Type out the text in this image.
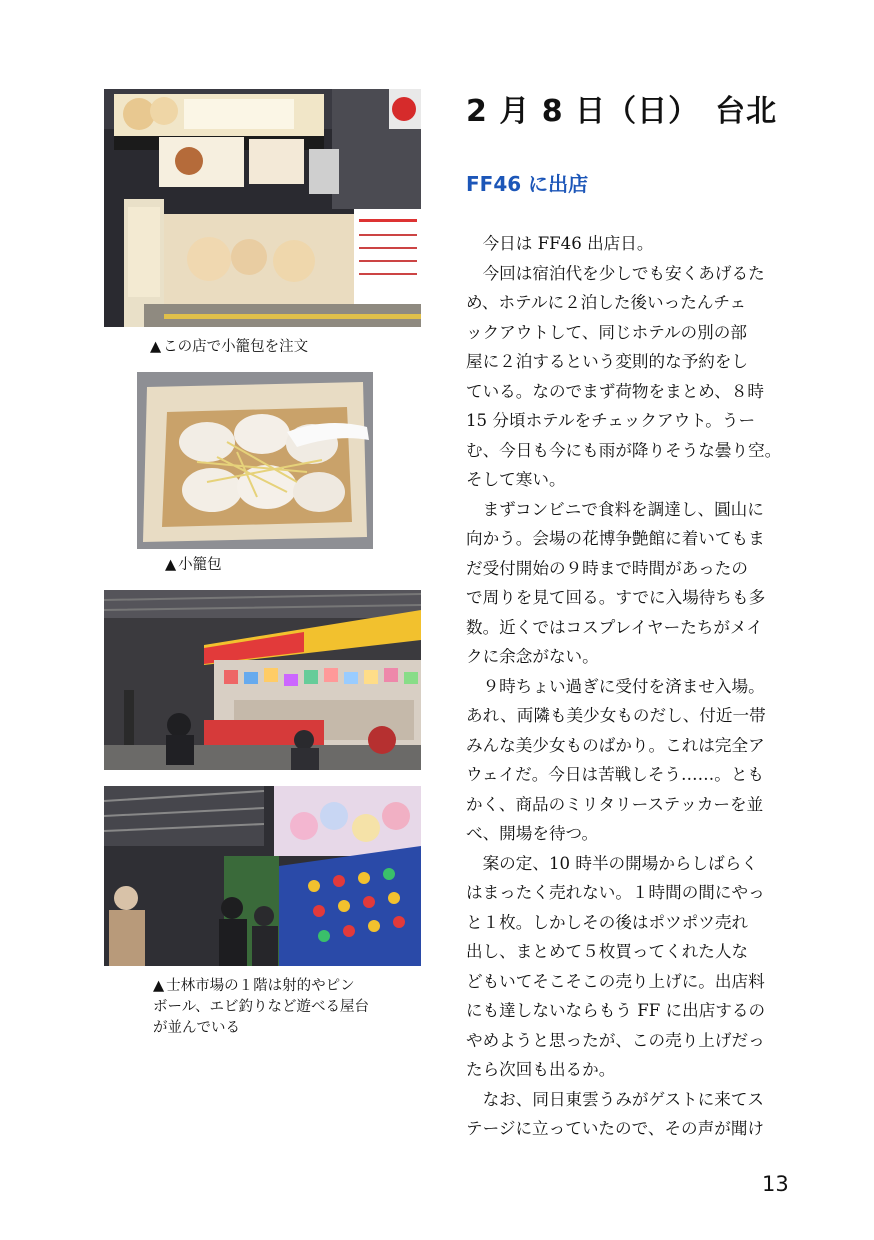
▲ この店で小籠包を注文
▲ 小籠包
▲ 士林市場の１階は射的やピン
ボール、エビ釣りなど遊べる屋台
が並んでいる
2 月 8 日（日）　台北
FF46 に出店
　今日は FF46 出店日。
　今回は宿泊代を少しでも安くあげるた
め、ホテルに２泊した後いったんチェ
ックアウトして、同じホテルの別の部
屋に２泊するという変則的な予約をし
ている。なのでまず荷物をまとめ、８時
15 分頃ホテルをチェックアウト。うー
む、今日も今にも雨が降りそうな曇り空。
そして寒い。
　まずコンビニで食料を調達し、圓山に
向かう。会場の花博争艶館に着いてもま
だ受付開始の９時まで時間があったの
で周りを見て回る。すでに入場待ちも多
数。近くではコスプレイヤーたちがメイ
クに余念がない。
　９時ちょい過ぎに受付を済ませ入場。
あれ、両隣も美少女ものだし、付近一帯
みんな美少女ものばかり。これは完全ア
ウェイだ。今日は苦戦しそう……。とも
かく、商品のミリタリーステッカーを並
べ、開場を待つ。
　案の定、10 時半の開場からしばらく
はまったく売れない。１時間の間にやっ
と１枚。しかしその後はポツポツ売れ
出し、まとめて５枚買ってくれた人な
どもいてそこそこの売り上げに。出店料
にも達しないならもう FF に出店するの
やめようと思ったが、この売り上げだっ
たら次回も出るか。
　なお、同日東雲うみがゲストに来てス
テージに立っていたので、その声が聞け
13
